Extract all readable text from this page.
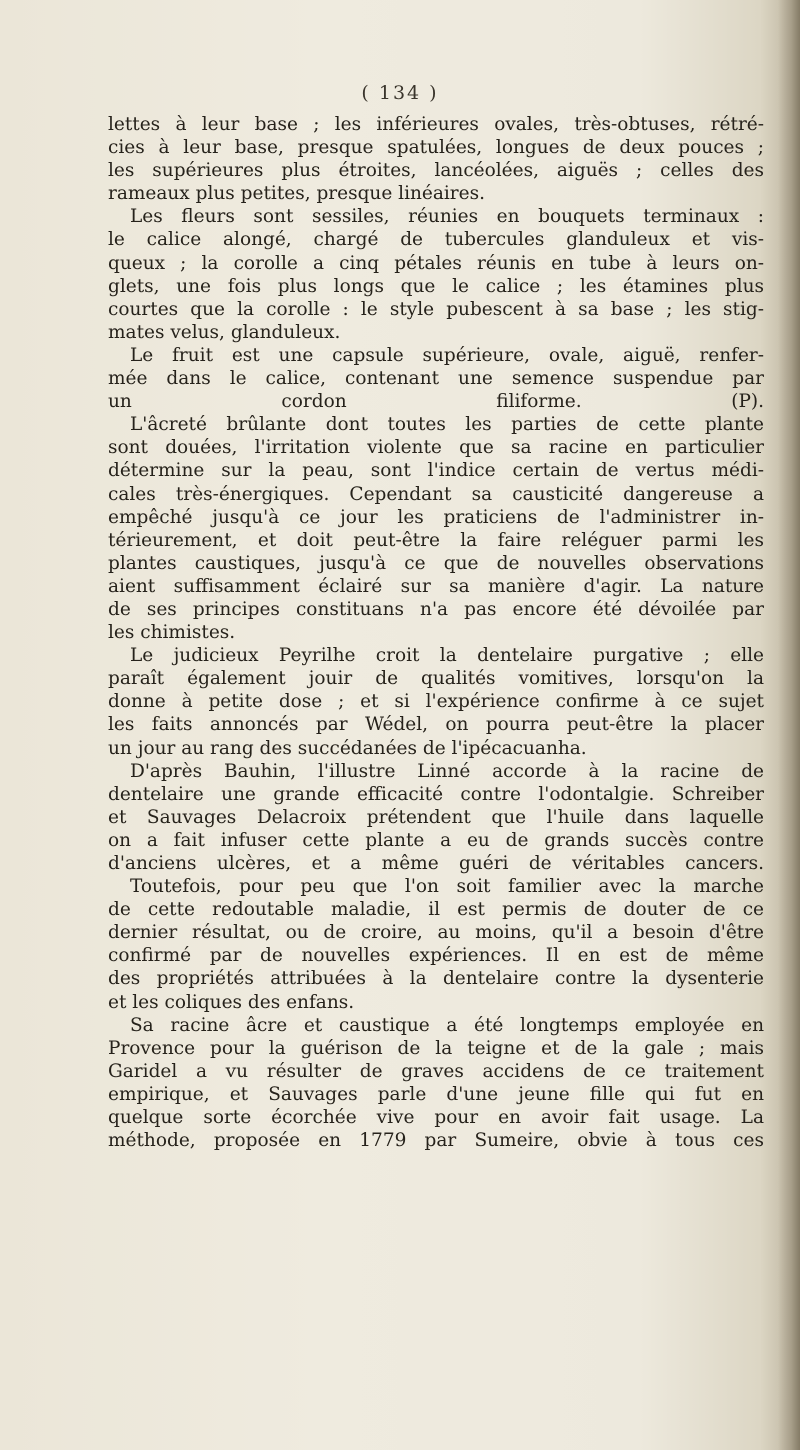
( 134 )
lettes à leur base ; les inférieures ovales, très-obtuses, rétré-
cies à leur base, presque spatulées, longues de deux pouces ;
les supérieures plus étroites, lancéolées, aiguës ; celles des
rameaux plus petites, presque linéaires.
Les fleurs sont sessiles, réunies en bouquets terminaux :
le calice alongé, chargé de tubercules glanduleux et vis-
queux ; la corolle a cinq pétales réunis en tube à leurs on-
glets, une fois plus longs que le calice ; les étamines plus
courtes que la corolle : le style pubescent à sa base ; les stig-
mates velus, glanduleux.
Le fruit est une capsule supérieure, ovale, aiguë, renfer-
mée dans le calice, contenant une semence suspendue par
un cordon filiforme. (P).
L'âcreté brûlante dont toutes les parties de cette plante
sont douées, l'irritation violente que sa racine en particulier
détermine sur la peau, sont l'indice certain de vertus médi-
cales très-énergiques. Cependant sa causticité dangereuse a
empêché jusqu'à ce jour les praticiens de l'administrer in-
térieurement, et doit peut-être la faire reléguer parmi les
plantes caustiques, jusqu'à ce que de nouvelles observations
aient suffisamment éclairé sur sa manière d'agir. La nature
de ses principes constituans n'a pas encore été dévoilée par
les chimistes.
Le judicieux Peyrilhe croit la dentelaire purgative ; elle
paraît également jouir de qualités vomitives, lorsqu'on la
donne à petite dose ; et si l'expérience confirme à ce sujet
les faits annoncés par Wédel, on pourra peut-être la placer
un jour au rang des succédanées de l'ipécacuanha.
D'après Bauhin, l'illustre Linné accorde à la racine de
dentelaire une grande efficacité contre l'odontalgie. Schreiber
et Sauvages Delacroix prétendent que l'huile dans laquelle
on a fait infuser cette plante a eu de grands succès contre
d'anciens ulcères, et a même guéri de véritables cancers.
Toutefois, pour peu que l'on soit familier avec la marche
de cette redoutable maladie, il est permis de douter de ce
dernier résultat, ou de croire, au moins, qu'il a besoin d'être
confirmé par de nouvelles expériences. Il en est de même
des propriétés attribuées à la dentelaire contre la dysenterie
et les coliques des enfans.
Sa racine âcre et caustique a été longtemps employée en
Provence pour la guérison de la teigne et de la gale ; mais
Garidel a vu résulter de graves accidens de ce traitement
empirique, et Sauvages parle d'une jeune fille qui fut en
quelque sorte écorchée vive pour en avoir fait usage. La
méthode, proposée en 1779 par Sumeire, obvie à tous ces
